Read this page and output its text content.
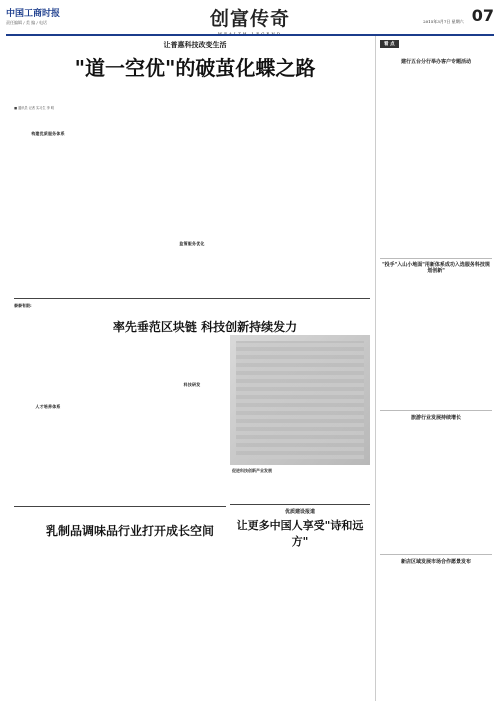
中国工商时报
责任编辑 / 美 编 / 电话	创富传奇	2015年3月7日 星期六 07
让普惠科技改变生活
"道一空优"的破茧化蝶之路
■ 通讯员 记者 实习生 李 明
构建优质服务体系
监管服务优化
泰泰有限:
率先垂范区块链 科技创新持续发力
人才培养体系
科技研发
促进科技创新产业发展
优质建设报道
让更多中国人享受"诗和远方"
乳制品调味品行业打开成长空间
看 点
建行五台分行举办客户专题活动
"投手"入山小地面"用新体系成功入选服务科技规划创新"
旅游行业发展持续增长
新店区域发展市场合作愿景发布
